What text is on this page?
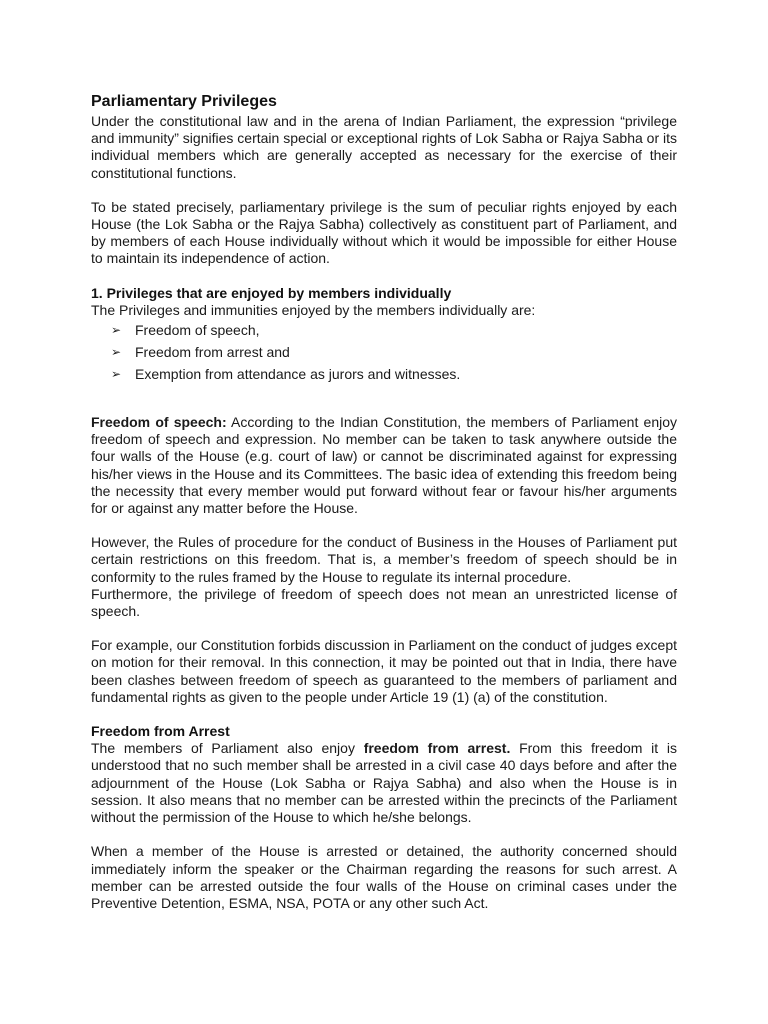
Parliamentary Privileges

Under the constitutional law and in the arena of Indian Parliament, the expression “privilege and immunity” signifies certain special or exceptional rights of Lok Sabha or Rajya Sabha or its individual members which are generally accepted as necessary for the exercise of their constitutional functions.

To be stated precisely, parliamentary privilege is the sum of peculiar rights enjoyed by each House (the Lok Sabha or the Rajya Sabha) collectively as constituent part of Parliament, and by members of each House individually without which it would be impossible for either House to maintain its independence of action.

1. Privileges that are enjoyed by members individually

The Privileges and immunities enjoyed by the members individually are:

➢ Freedom of speech,
➢ Freedom from arrest and
➢ Exemption from attendance as jurors and witnesses.

Freedom of speech: According to the Indian Constitution, the members of Parliament enjoy freedom of speech and expression. No member can be taken to task anywhere outside the four walls of the House (e.g. court of law) or cannot be discriminated against for expressing his/her views in the House and its Committees. The basic idea of extending this freedom being the necessity that every member would put forward without fear or favour his/her arguments for or against any matter before the House.

However, the Rules of procedure for the conduct of Business in the Houses of Parliament put certain restrictions on this freedom. That is, a member’s freedom of speech should be in conformity to the rules framed by the House to regulate its internal procedure.

Furthermore, the privilege of freedom of speech does not mean an unrestricted license of speech.

For example, our Constitution forbids discussion in Parliament on the conduct of judges except on motion for their removal. In this connection, it may be pointed out that in India, there have been clashes between freedom of speech as guaranteed to the members of parliament and fundamental rights as given to the people under Article 19 (1) (a) of the constitution.

Freedom from Arrest

The members of Parliament also enjoy freedom from arrest. From this freedom it is understood that no such member shall be arrested in a civil case 40 days before and after the adjournment of the House (Lok Sabha or Rajya Sabha) and also when the House is in session. It also means that no member can be arrested within the precincts of the Parliament without the permission of the House to which he/she belongs.

When a member of the House is arrested or detained, the authority concerned should immediately inform the speaker or the Chairman regarding the reasons for such arrest. A member can be arrested outside the four walls of the House on criminal cases under the Preventive Detention, ESMA, NSA, POTA or any other such Act.
